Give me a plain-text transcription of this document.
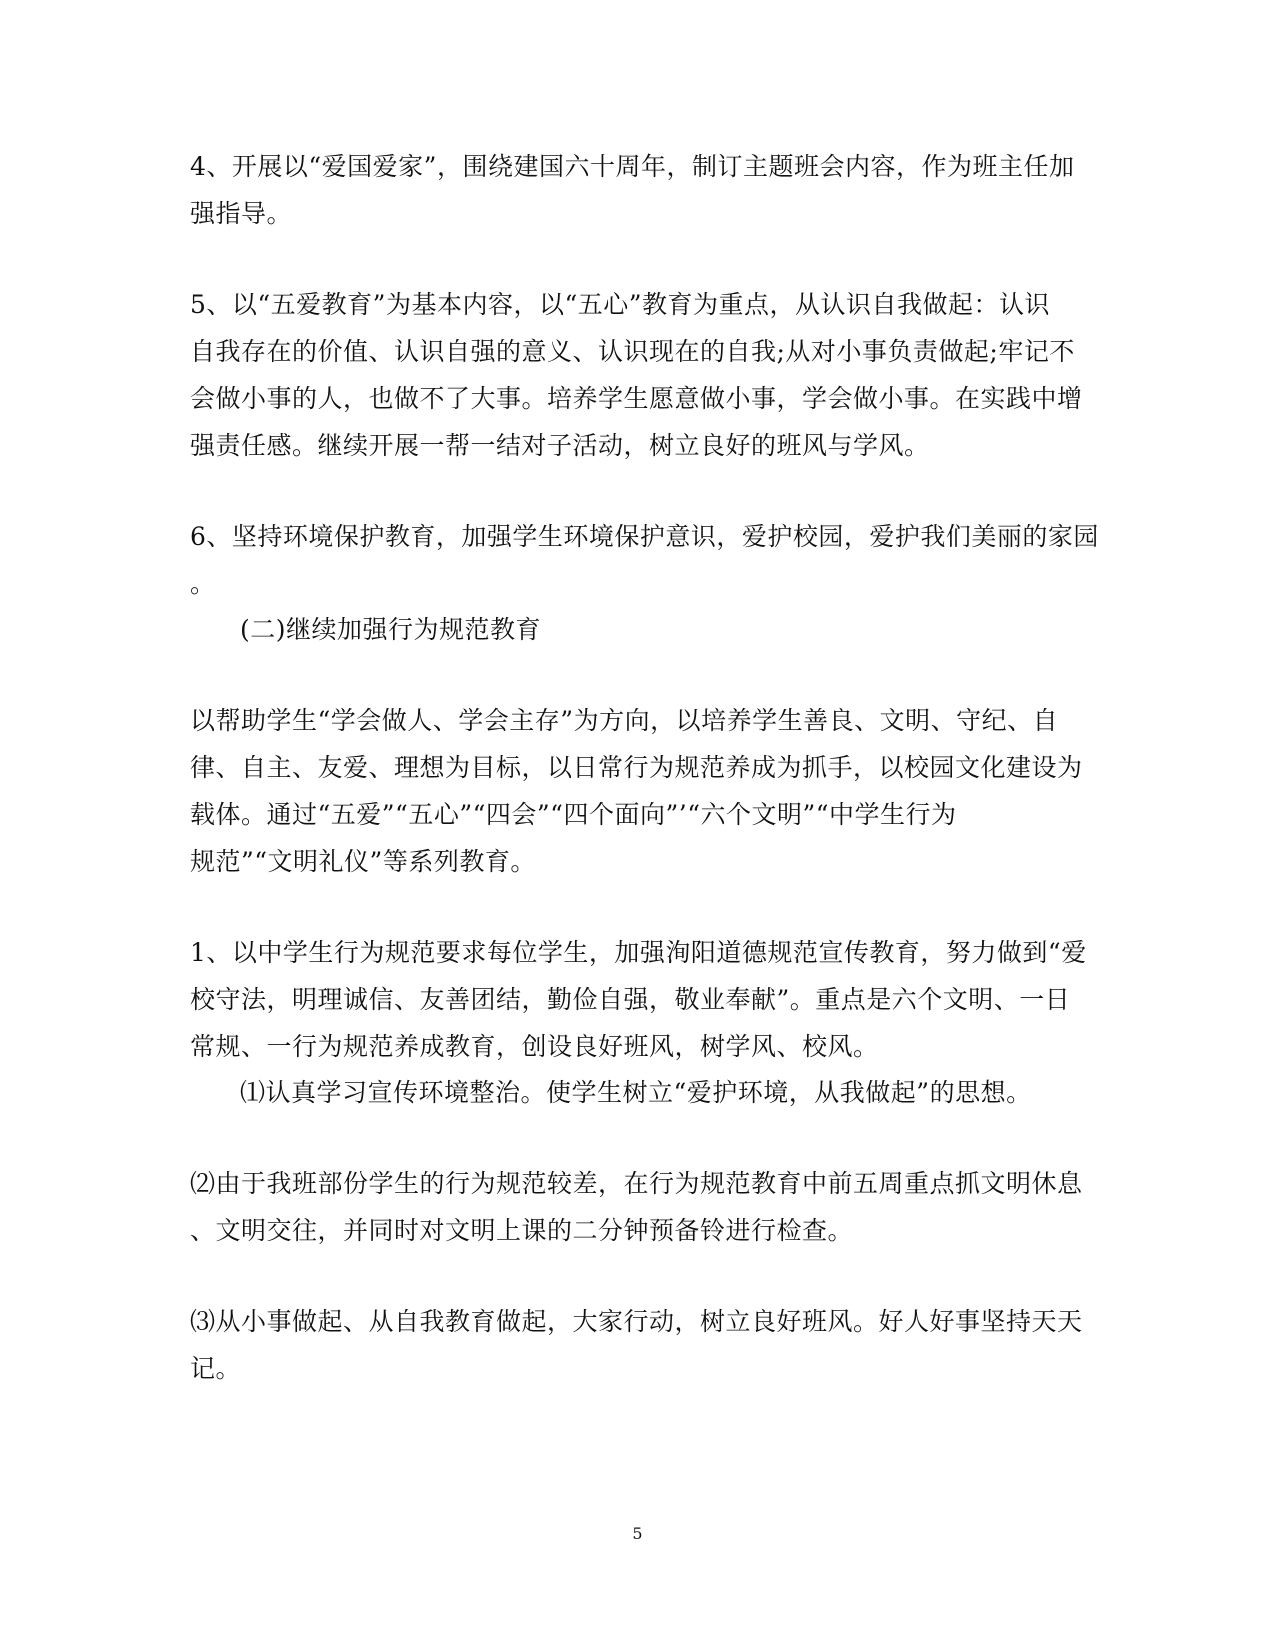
4、开展以“爱国爱家”，围绕建国六十周年，制订主题班会内容，作为班主任加
强指导。
5、以“五爱教育”为基本内容，以“五心”教育为重点，从认识自我做起：认识
自我存在的价值、认识自强的意义、认识现在的自我;从对小事负责做起;牢记不
会做小事的人，也做不了大事。培养学生愿意做小事，学会做小事。在实践中增
强责任感。继续开展一帮一结对子活动，树立良好的班风与学风。
6、坚持环境保护教育，加强学生环境保护意识，爱护校园，爱护我们美丽的家园
。
(二)继续加强行为规范教育
以帮助学生“学会做人、学会主存”为方向，以培养学生善良、文明、守纪、自
律、自主、友爱、理想为目标，以日常行为规范养成为抓手，以校园文化建设为
载体。通过“五爱”“五心”“四会”“四个面向”’“六个文明”“中学生行为
规范”“文明礼仪”等系列教育。
1、以中学生行为规范要求每位学生，加强洵阳道德规范宣传教育，努力做到“爱
校守法，明理诚信、友善团结，勤俭自强，敬业奉献”。重点是六个文明、一日
常规、一行为规范养成教育，创设良好班风，树学风、校风。
⑴认真学习宣传环境整治。使学生树立“爱护环境，从我做起”的思想。
⑵由于我班部份学生的行为规范较差，在行为规范教育中前五周重点抓文明休息
、文明交往，并同时对文明上课的二分钟预备铃进行检查。
⑶从小事做起、从自我教育做起，大家行动，树立良好班风。好人好事坚持天天
记。
5
